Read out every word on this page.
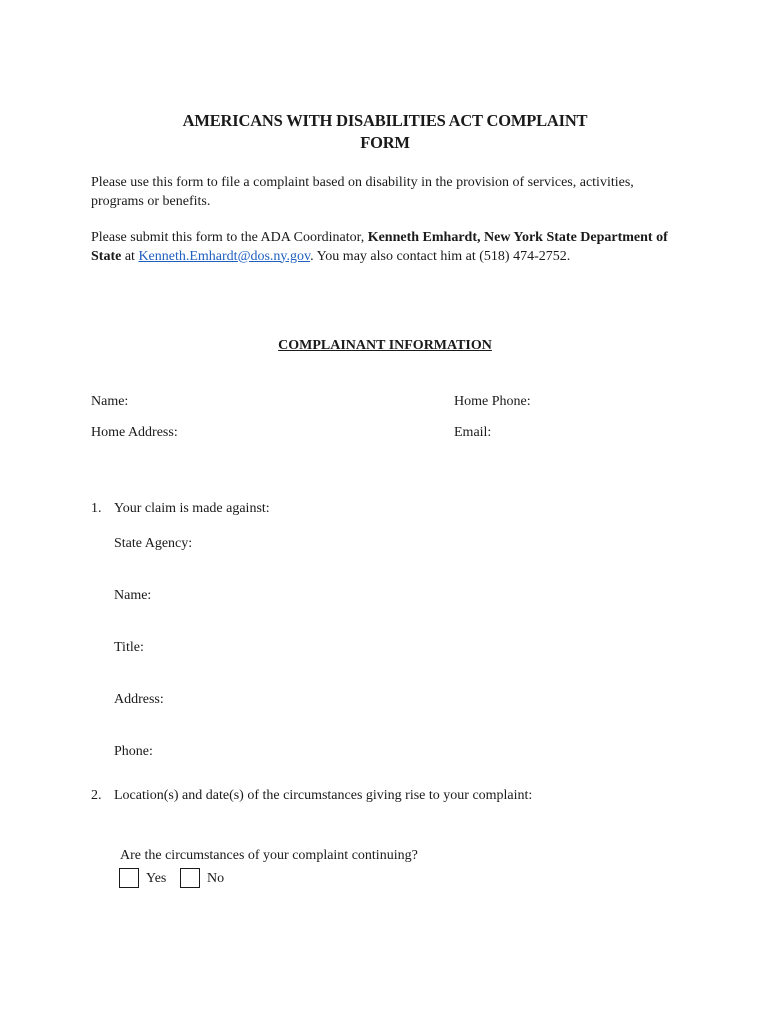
AMERICANS WITH DISABILITIES ACT COMPLAINT
FORM
Please use this form to file a complaint based on disability in the provision of services, activities, programs or benefits.
Please submit this form to the ADA Coordinator, Kenneth Emhardt, New York State Department of State at Kenneth.Emhardt@dos.ny.gov. You may also contact him at (518) 474-2752.
COMPLAINANT INFORMATION
Name:	Home Phone:
Home Address:	Email:
1. Your claim is made against:
State Agency:
Name:
Title:
Address:
Phone:
2. Location(s) and date(s) of the circumstances giving rise to your complaint:
Are the circumstances of your complaint continuing?
Yes	No
